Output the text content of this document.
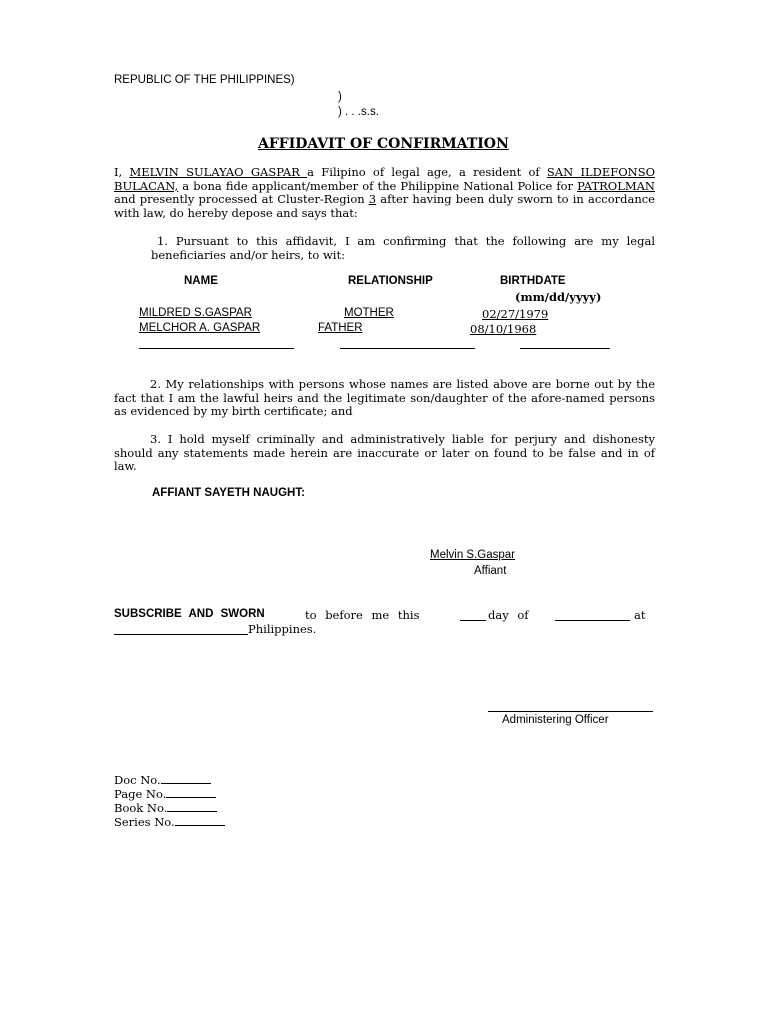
REPUBLIC OF THE PHILIPPINES)
)
) . . .s.s.
AFFIDAVIT OF CONFIRMATION
I, MELVIN SULAYAO GASPAR a Filipino of legal age, a resident of SAN ILDEFONSO BULACAN, a bona fide applicant/member of the Philippine National Police for PATROLMAN and presently processed at Cluster-Region 3 after having been duly sworn to in accordance with law, do hereby depose and says that:
1. Pursuant to this affidavit, I am confirming that the following are my legal beneficiaries and/or heirs, to wit:
NAME	RELATIONSHIP	BIRTHDATE
(mm/dd/yyyy)
MILDRED S.GASPAR	MOTHER	02/27/1979
MELCHOR A. GASPAR	FATHER	08/10/1968
2. My relationships with persons whose names are listed above are borne out by the fact that I am the lawful heirs and the legitimate son/daughter of the afore-named persons as evidenced by my birth certificate; and
3. I hold myself criminally and administratively liable for perjury and dishonesty should any statements made herein are inaccurate or later on found to be false and in of law.
AFFIANT SAYETH NAUGHT:
Melvin S.Gaspar
Affiant
SUBSCRIBE AND SWORN	to before me this	day of	at
Philippines.
Administering Officer
Doc No.
Page No.
Book No.
Series No.
